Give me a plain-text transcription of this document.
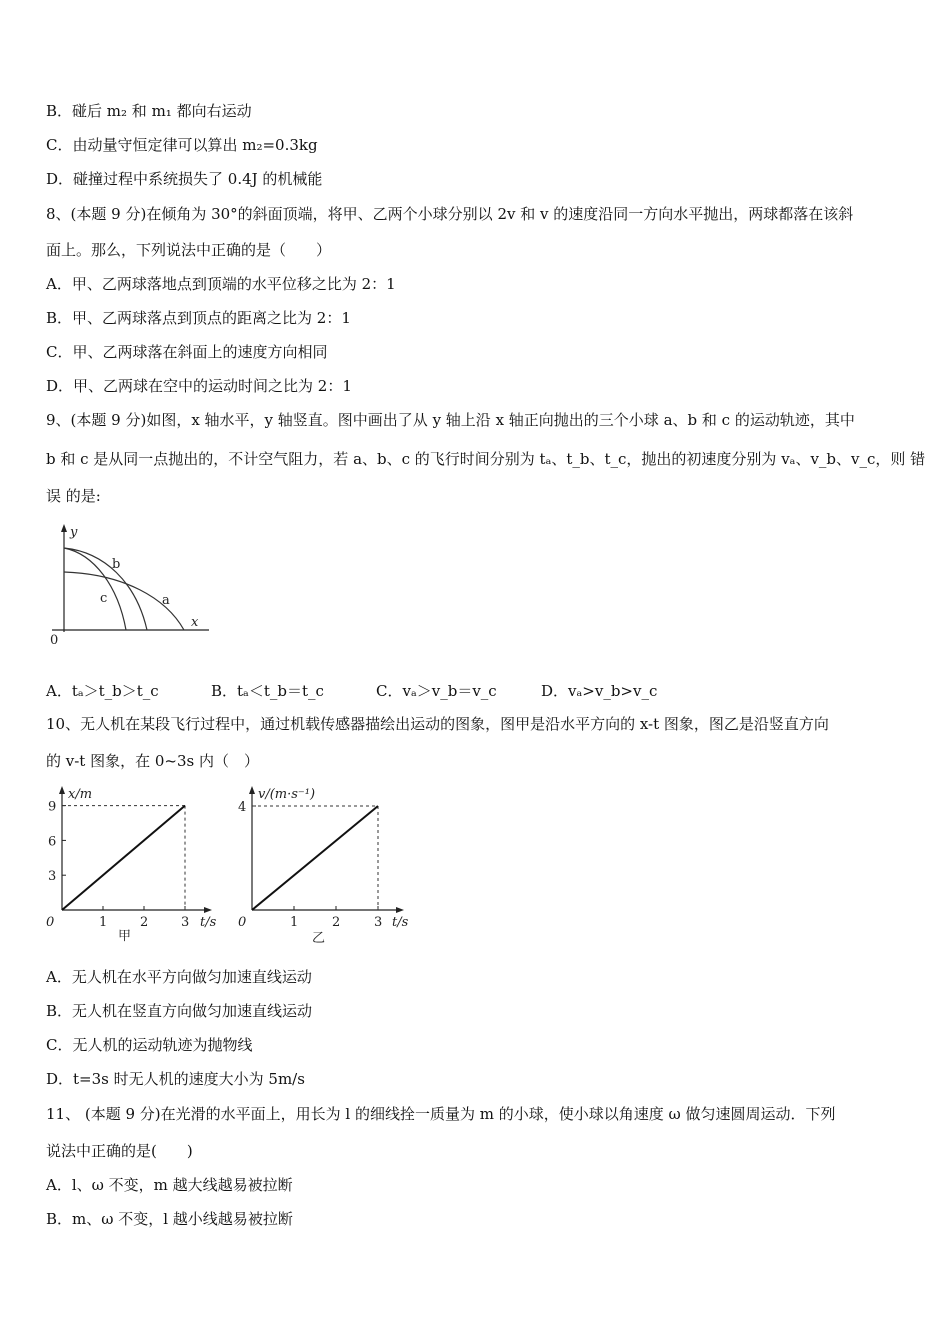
B．碰后 m₂ 和 m₁ 都向右运动
C．由动量守恒定律可以算出 m₂=0.3kg
D．碰撞过程中系统损失了 0.4J 的机械能
8、(本题 9 分)在倾角为 30°的斜面顶端，将甲、乙两个小球分别以 2v 和 v 的速度沿同一方向水平抛出，两球都落在该斜
面上。那么，下列说法中正确的是（　　）
A．甲、乙两球落地点到顶端的水平位移之比为 2：1
B．甲、乙两球落点到顶点的距离之比为 2：1
C．甲、乙两球落在斜面上的速度方向相同
D．甲、乙两球在空中的运动时间之比为 2：1
9、(本题 9 分)如图，x 轴水平，y 轴竖直。图中画出了从 y 轴上沿 x 轴正向抛出的三个小球 a、b 和 c 的运动轨迹，其中
b 和 c 是从同一点抛出的，不计空气阻力，若 a、b、c 的飞行时间分别为 tₐ、t_b、t_c，抛出的初速度分别为 vₐ、v_b、v_c，则 错
误 的是:
y
x
0
b
c	a
A．tₐ＞t_b＞t_c	B．tₐ＜t_b＝t_c	C．vₐ＞v_b＝v_c	D．vₐ>v_b>v_c
10、无人机在某段飞行过程中，通过机载传感器描绘出运动的图象，图甲是沿水平方向的 x-t 图象，图乙是沿竖直方向
的 v-t 图象，在 0~3s 内（　）
x/m
t/s
0
甲
1	2	3
3
6
9
v/(m·s⁻¹)
t/s
0
乙
1	2	3
4
A．无人机在水平方向做匀加速直线运动
B．无人机在竖直方向做匀加速直线运动
C．无人机的运动轨迹为抛物线
D．t=3s 时无人机的速度大小为 5m/s
11、 (本题 9 分)在光滑的水平面上，用长为 l 的细线拴一质量为 m 的小球，使小球以角速度 ω 做匀速圆周运动．下列
说法中正确的是(　　)
A．l、ω 不变，m 越大线越易被拉断
B．m、ω 不变，l 越小线越易被拉断
